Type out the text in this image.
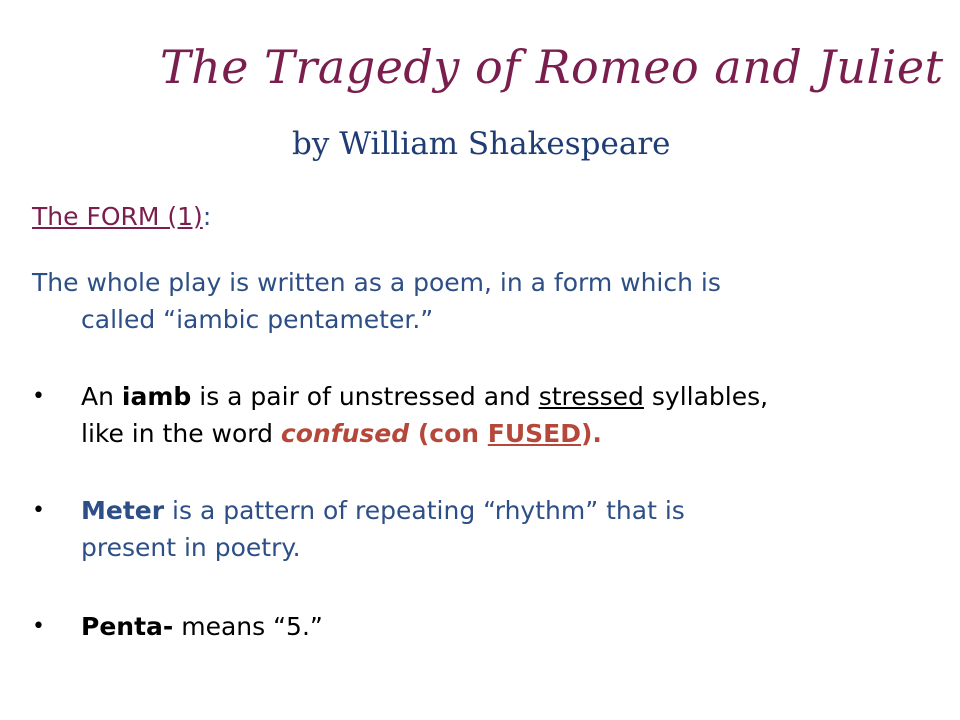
The Tragedy of Romeo and Juliet
by William Shakespeare
The FORM (1):
The whole play is written as a poem, in a form which is
called “iambic pentameter.”
•	An iamb is a pair of unstressed and stressed syllables,
like in the word confused (con FUSED).
•	Meter is a pattern of repeating “rhythm” that is
present in poetry.
•	Penta- means “5.”
